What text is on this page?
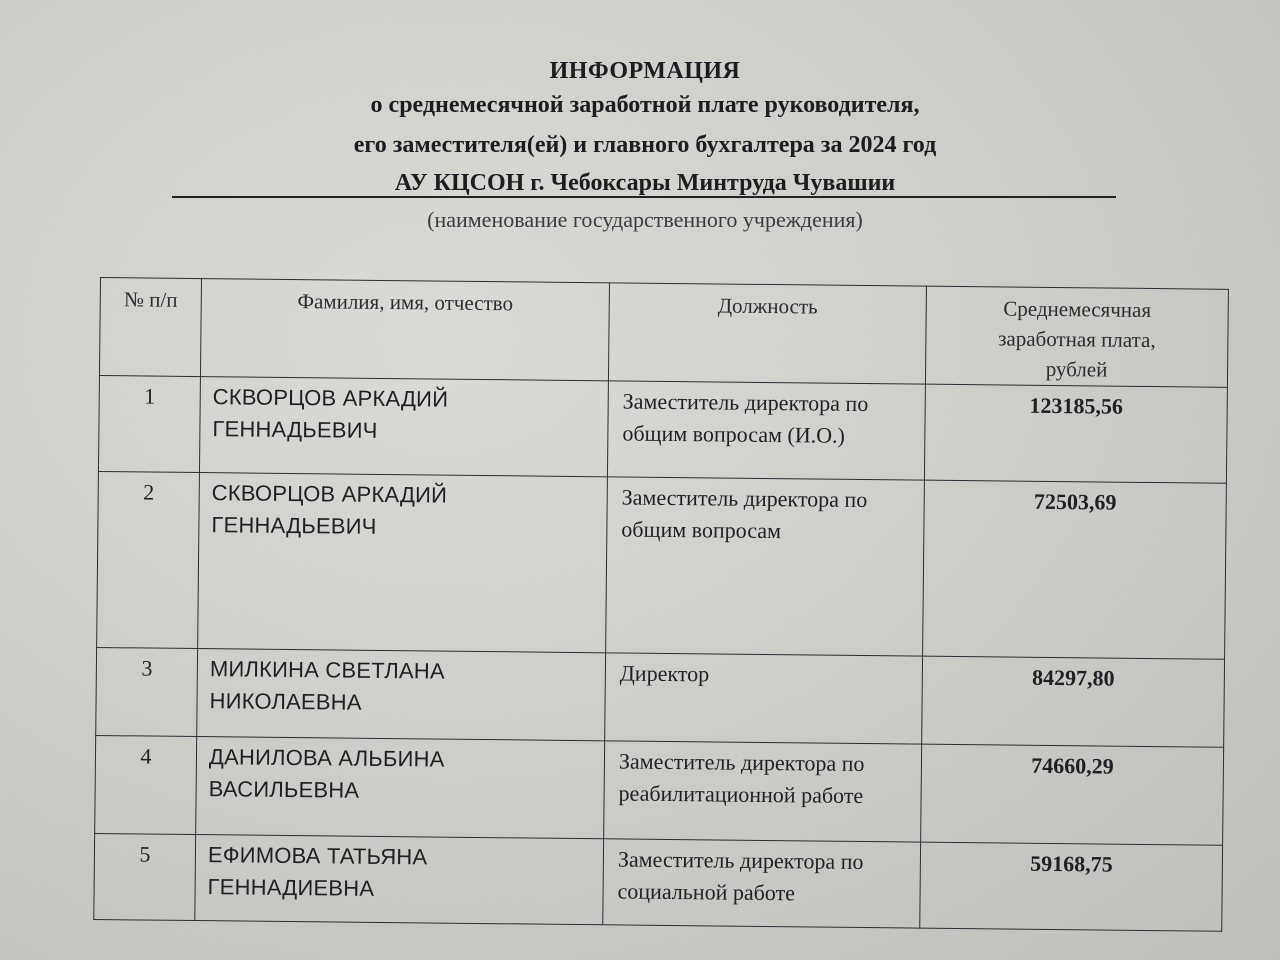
ИНФОРМАЦИЯ
о среднемесячной заработной плате руководителя,
его заместителя(ей) и главного бухгалтера за 2024 год
АУ КЦСОН г. Чебоксары Минтруда Чувашии
(наименование государственного учреждения)
№ п/п	Фамилия, имя, отчество	Должность	Среднемесячная заработная плата, рублей
1	СКВОРЦОВ АРКАДИЙ ГЕННАДЬЕВИЧ	Заместитель директора по общим вопросам (И.О.)	123185,56
2	СКВОРЦОВ АРКАДИЙ ГЕННАДЬЕВИЧ	Заместитель директора по общим вопросам	72503,69
3	МИЛКИНА СВЕТЛАНА НИКОЛАЕВНА	Директор	84297,80
4	ДАНИЛОВА АЛЬБИНА ВАСИЛЬЕВНА	Заместитель директора по реабилитационной работе	74660,29
5	ЕФИМОВА ТАТЬЯНА ГЕННАДИЕВНА	Заместитель директора по социальной работе	59168,75
